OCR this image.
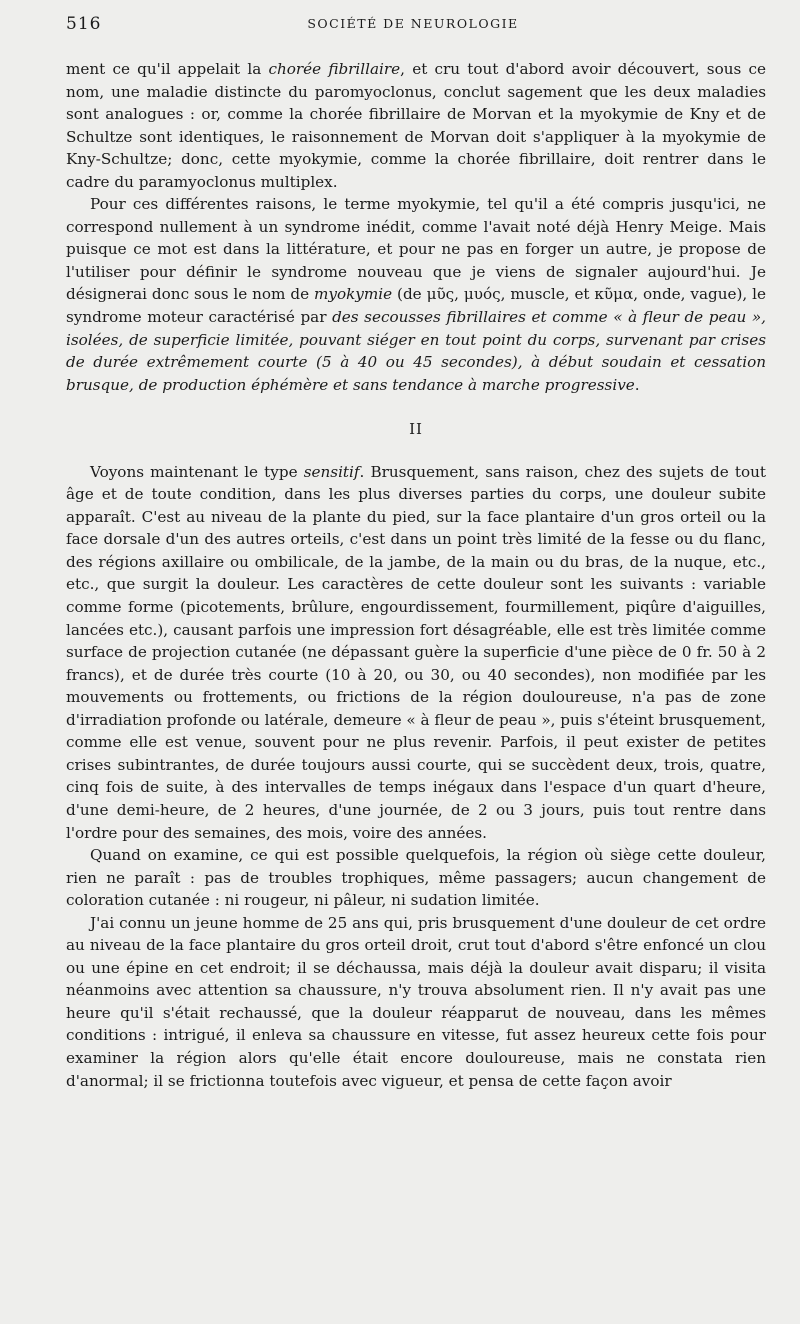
516	SOCIÉTÉ DE NEUROLOGIE

ment ce qu'il appelait la chorée fibrillaire, et cru tout d'abord avoir découvert, sous ce nom, une maladie distincte du paromyoclonus, conclut sagement que les deux maladies sont analogues : or, comme la chorée fibrillaire de Morvan et la myokymie de Kny et de Schultze sont identiques, le raisonnement de Morvan doit s'appliquer à la myokymie de Kny-Schultze; donc, cette myokymie, comme la chorée fibrillaire, doit rentrer dans le cadre du paramyoclonus multiplex.

Pour ces différentes raisons, le terme myokymie, tel qu'il a été compris jusqu'ici, ne correspond nullement à un syndrome inédit, comme l'avait noté déjà Henry Meige. Mais puisque ce mot est dans la littérature, et pour ne pas en forger un autre, je propose de l'utiliser pour définir le syndrome nouveau que je viens de signaler aujourd'hui. Je désignerai donc sous le nom de myokymie (de μῦς, μυός, muscle, et κῦμα, onde, vague), le syndrome moteur caractérisé par des secousses fibrillaires et comme « à fleur de peau », isolées, de superficie limitée, pouvant siéger en tout point du corps, survenant par crises de durée extrêmement courte (5 à 40 ou 45 secondes), à début soudain et cessation brusque, de production éphémère et sans tendance à marche progressive.

II

Voyons maintenant le type sensitif. Brusquement, sans raison, chez des sujets de tout âge et de toute condition, dans les plus diverses parties du corps, une douleur subite apparaît. C'est au niveau de la plante du pied, sur la face plantaire d'un gros orteil ou la face dorsale d'un des autres orteils, c'est dans un point très limité de la fesse ou du flanc, des régions axillaire ou ombilicale, de la jambe, de la main ou du bras, de la nuque, etc., etc., que surgit la douleur. Les caractères de cette douleur sont les suivants : variable comme forme (picotements, brûlure, engourdissement, fourmillement, piqûre d'aiguilles, lancées etc.), causant parfois une impression fort désagréable, elle est très limitée comme surface de projection cutanée (ne dépassant guère la superficie d'une pièce de 0 fr. 50 à 2 francs), et de durée très courte (10 à 20, ou 30, ou 40 secondes), non modifiée par les mouvements ou frottements, ou frictions de la région douloureuse, n'a pas de zone d'irradiation profonde ou latérale, demeure « à fleur de peau », puis s'éteint brusquement, comme elle est venue, souvent pour ne plus revenir. Parfois, il peut exister de petites crises subintrantes, de durée toujours aussi courte, qui se succèdent deux, trois, quatre, cinq fois de suite, à des intervalles de temps inégaux dans l'espace d'un quart d'heure, d'une demi-heure, de 2 heures, d'une journée, de 2 ou 3 jours, puis tout rentre dans l'ordre pour des semaines, des mois, voire des années.

Quand on examine, ce qui est possible quelquefois, la région où siège cette douleur, rien ne paraît : pas de troubles trophiques, même passagers; aucun changement de coloration cutanée : ni rougeur, ni pâleur, ni sudation limitée.

J'ai connu un jeune homme de 25 ans qui, pris brusquement d'une douleur de cet ordre au niveau de la face plantaire du gros orteil droit, crut tout d'abord s'être enfoncé un clou ou une épine en cet endroit; il se déchaussa, mais déjà la douleur avait disparu; il visita néanmoins avec attention sa chaussure, n'y trouva absolument rien. Il n'y avait pas une heure qu'il s'était rechaussé, que la douleur réapparut de nouveau, dans les mêmes conditions : intrigué, il enleva sa chaussure en vitesse, fut assez heureux cette fois pour examiner la région alors qu'elle était encore douloureuse, mais ne constata rien d'anormal; il se frictionna toutefois avec vigueur, et pensa de cette façon avoir
